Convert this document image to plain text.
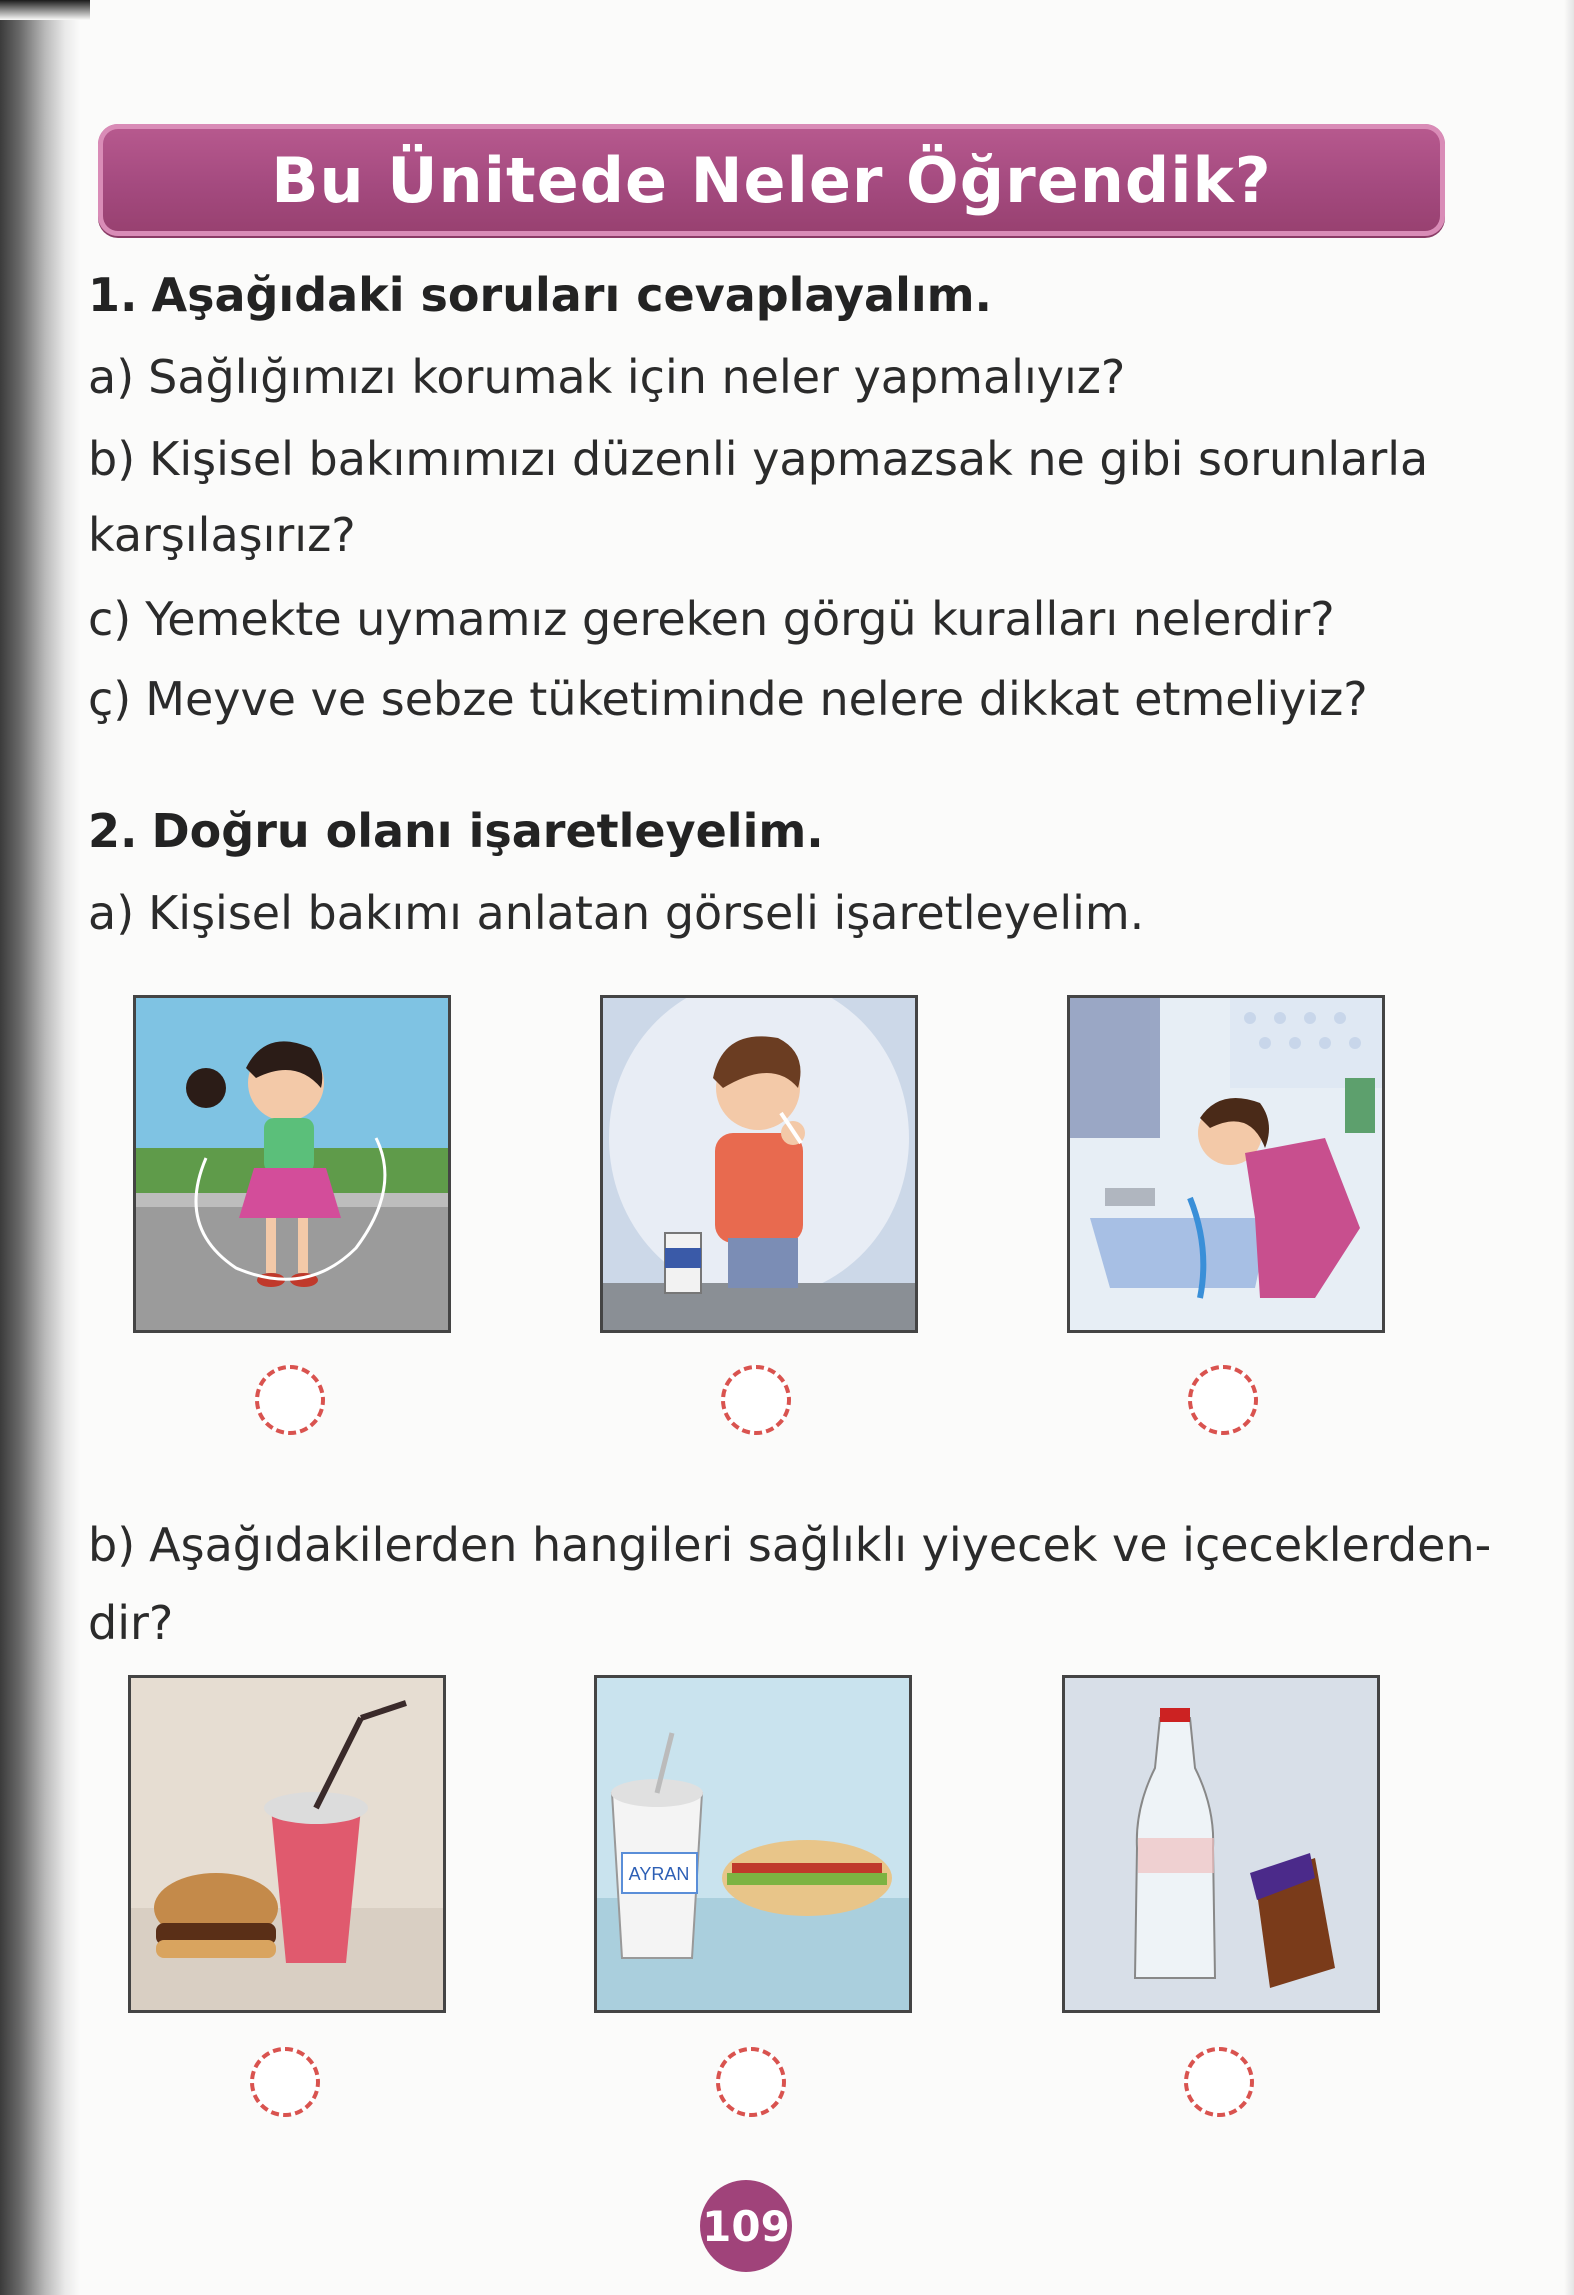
Bu Ünitede Neler Öğrendik?
1. Aşağıdaki soruları cevaplayalım.
a) Sağlığımızı korumak için neler yapmalıyız?
b) Kişisel bakımımızı düzenli yapmazsak ne gibi sorunlarla
karşılaşırız?
c) Yemekte uymamız gereken görgü kuralları nelerdir?
ç) Meyve ve sebze tüketiminde nelere dikkat etmeliyiz?
2. Doğru olanı işaretleyelim.
a) Kişisel bakımı anlatan görseli işaretleyelim.
b) Aşağıdakilerden hangileri sağlıklı yiyecek ve içeceklerden-
dir?
AYRAN
109
